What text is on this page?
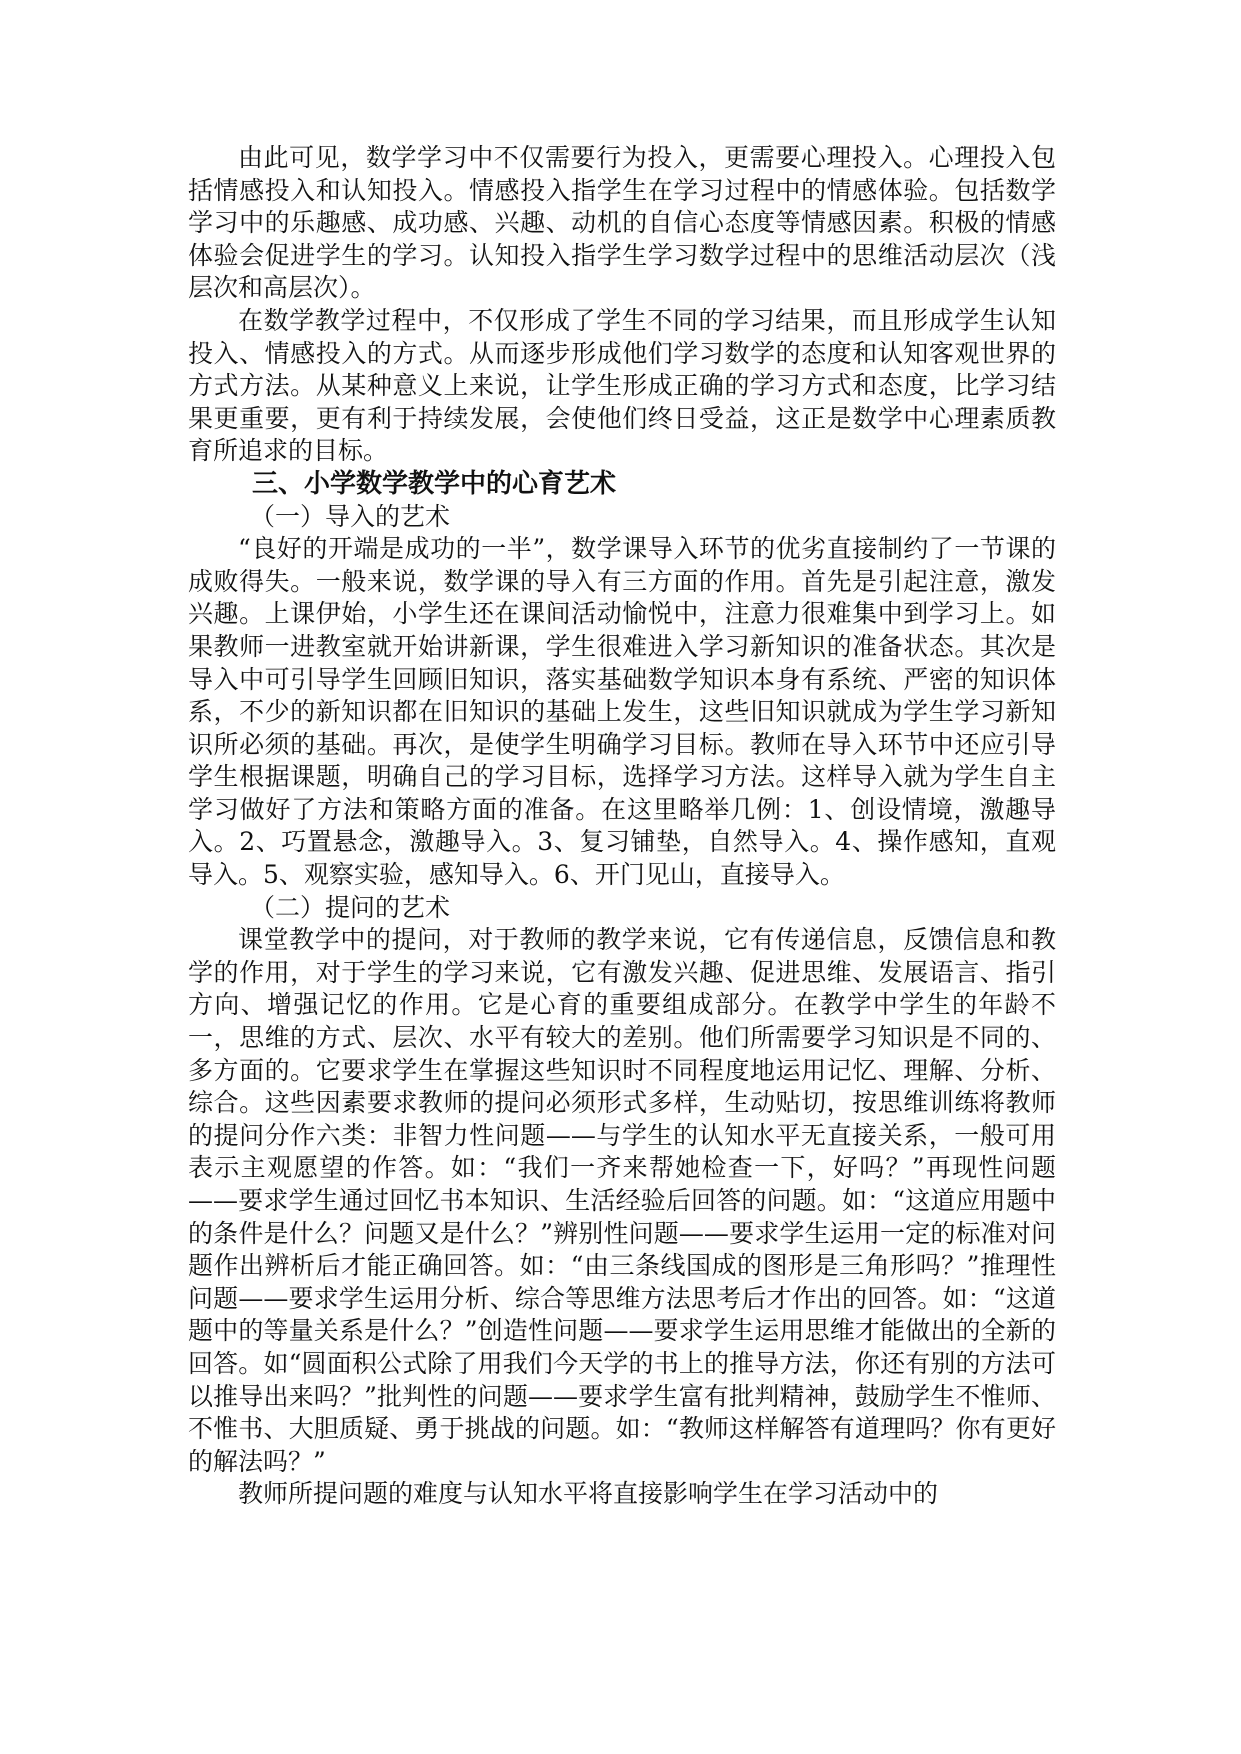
由此可见，数学学习中不仅需要行为投入，更需要心理投入。心理投入包括情感投入和认知投入。情感投入指学生在学习过程中的情感体验。包括数学学习中的乐趣感、成功感、兴趣、动机的自信心态度等情感因素。积极的情感体验会促进学生的学习。认知投入指学生学习数学过程中的思维活动层次（浅层次和高层次）。

在数学教学过程中，不仅形成了学生不同的学习结果，而且形成学生认知投入、情感投入的方式。从而逐步形成他们学习数学的态度和认知客观世界的方式方法。从某种意义上来说，让学生形成正确的学习方式和态度，比学习结果更重要，更有利于持续发展，会使他们终日受益，这正是数学中心理素质教育所追求的目标。

三、小学数学教学中的心育艺术

（一）导入的艺术

“良好的开端是成功的一半”，数学课导入环节的优劣直接制约了一节课的成败得失。一般来说，数学课的导入有三方面的作用。首先是引起注意，激发兴趣。上课伊始，小学生还在课间活动愉悦中，注意力很难集中到学习上。如果教师一进教室就开始讲新课，学生很难进入学习新知识的准备状态。其次是导入中可引导学生回顾旧知识，落实基础数学知识本身有系统、严密的知识体系，不少的新知识都在旧知识的基础上发生，这些旧知识就成为学生学习新知识所必须的基础。再次，是使学生明确学习目标。教师在导入环节中还应引导学生根据课题，明确自己的学习目标，选择学习方法。这样导入就为学生自主学习做好了方法和策略方面的准备。在这里略举几例：1、创设情境，激趣导入。2、巧置悬念，激趣导入。3、复习铺垫，自然导入。4、操作感知，直观导入。5、观察实验，感知导入。6、开门见山，直接导入。

（二）提问的艺术

课堂教学中的提问，对于教师的教学来说，它有传递信息，反馈信息和教学的作用，对于学生的学习来说，它有激发兴趣、促进思维、发展语言、指引方向、增强记忆的作用。它是心育的重要组成部分。在教学中学生的年龄不一，思维的方式、层次、水平有较大的差别。他们所需要学习知识是不同的、多方面的。它要求学生在掌握这些知识时不同程度地运用记忆、理解、分析、综合。这些因素要求教师的提问必须形式多样，生动贴切，按思维训练将教师的提问分作六类：非智力性问题——与学生的认知水平无直接关系，一般可用表示主观愿望的作答。如：“我们一齐来帮她检查一下，好吗？”再现性问题——要求学生通过回忆书本知识、生活经验后回答的问题。如：“这道应用题中的条件是什么？问题又是什么？”辨别性问题——要求学生运用一定的标准对问题作出辨析后才能正确回答。如：“由三条线国成的图形是三角形吗？”推理性问题——要求学生运用分析、综合等思维方法思考后才作出的回答。如：“这道题中的等量关系是什么？”创造性问题——要求学生运用思维才能做出的全新的回答。如“圆面积公式除了用我们今天学的书上的推导方法，你还有别的方法可以推导出来吗？”批判性的问题——要求学生富有批判精神，鼓励学生不惟师、不惟书、大胆质疑、勇于挑战的问题。如：“教师这样解答有道理吗？你有更好的解法吗？”

教师所提问题的难度与认知水平将直接影响学生在学习活动中的
